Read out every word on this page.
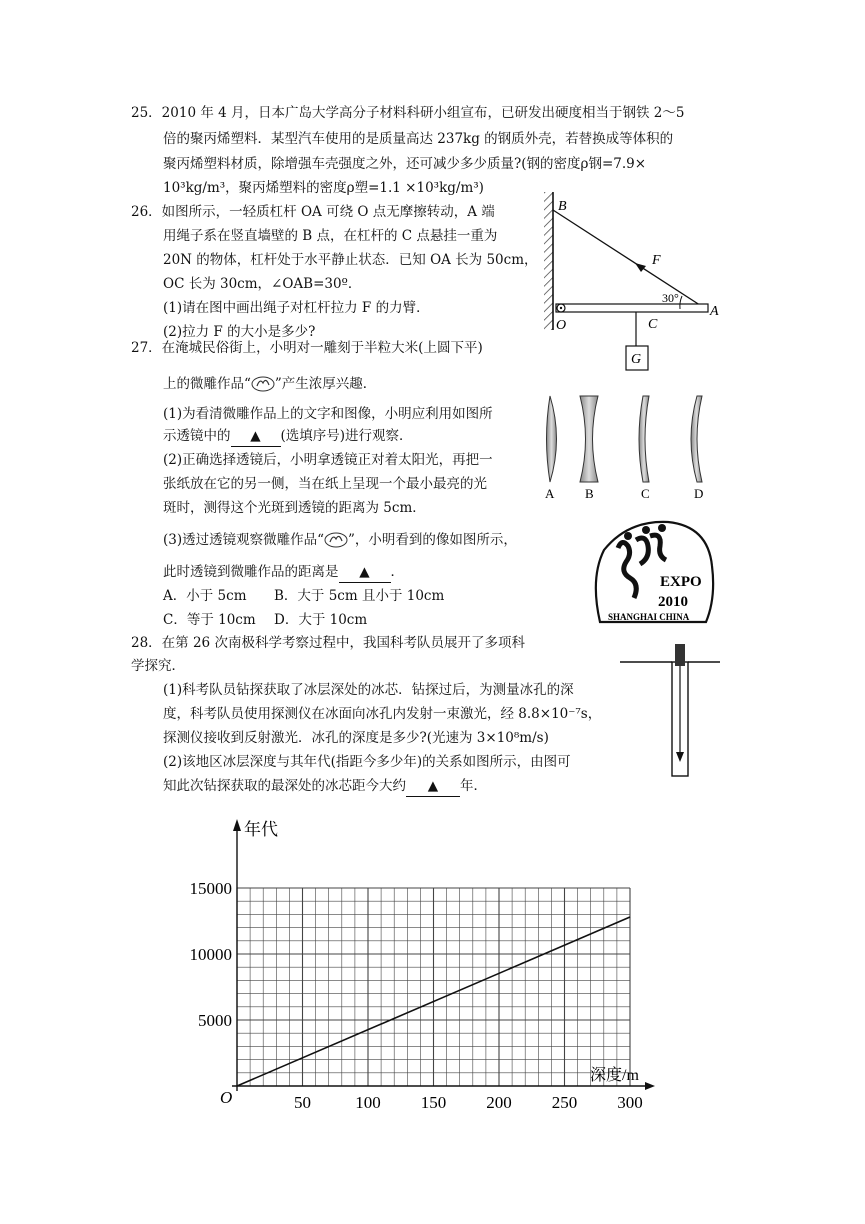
25．2010 年 4 月，日本广岛大学高分子材料科研小组宣布，已研发出硬度相当于钢铁 2～5
倍的聚丙烯塑料．某型汽车使用的是质量高达 237kg 的钢质外壳，若替换成等体积的
聚丙烯塑料材质，除增强车壳强度之外，还可减少多少质量?(钢的密度ρ钢=7.9×
10³kg/m³，聚丙烯塑料的密度ρ塑=1.1 ×10³kg/m³)
26．如图所示，一轻质杠杆 OA 可绕 O 点无摩擦转动，A 端
用绳子系在竖直墙壁的 B 点，在杠杆的 C 点悬挂一重为
20N 的物体，杠杆处于水平静止状态．已知 OA 长为 50cm，
OC 长为 30cm，∠OAB=30º．
(1)请在图中画出绳子对杠杆拉力 F 的力臂．
(2)拉力 F 的大小是多少?
B
F
30°
A
O	C
G
27．在淹城民俗街上，小明对一雕刻于半粒大米(上圆下平)
上的微雕作品“ ”产生浓厚兴趣．
(1)为看清微雕作品上的文字和图像，小明应利用如图所
示透镜中的 ▲ (选填序号)进行观察．
(2)正确选择透镜后，小明拿透镜正对着太阳光，再把一
张纸放在它的另一侧，当在纸上呈现一个最小最亮的光
斑时，测得这个光斑到透镜的距离为 5cm．
(3)透过透镜观察微雕作品“ ”，小明看到的像如图所示，
此时透镜到微雕作品的距离是 ▲ ．
A．小于 5cm B．大于 5cm 且小于 10cm
C．等于 10cm D．大于 10cm
A B	C	D
EXPO
2010
SHANGHAI CHINA
28．在第 26 次南极科学考察过程中，我国科考队员展开了多项科
学探究．
(1)科考队员钻探获取了冰层深处的冰芯．钻探过后，为测量冰孔的深
度，科考队员使用探测仪在冰面向冰孔内发射一束激光，经 8.8×10⁻⁷s，
探测仪接收到反射激光．冰孔的深度是多少?(光速为 3×10⁸m/s)
(2)该地区冰层深度与其年代(指距今多少年)的关系如图所示，由图可
知此次钻探获取的最深处的冰芯距今大约 ▲ 年．
50	100 150 200 250 300
5000
10000
15000
年代
深度/m
O
